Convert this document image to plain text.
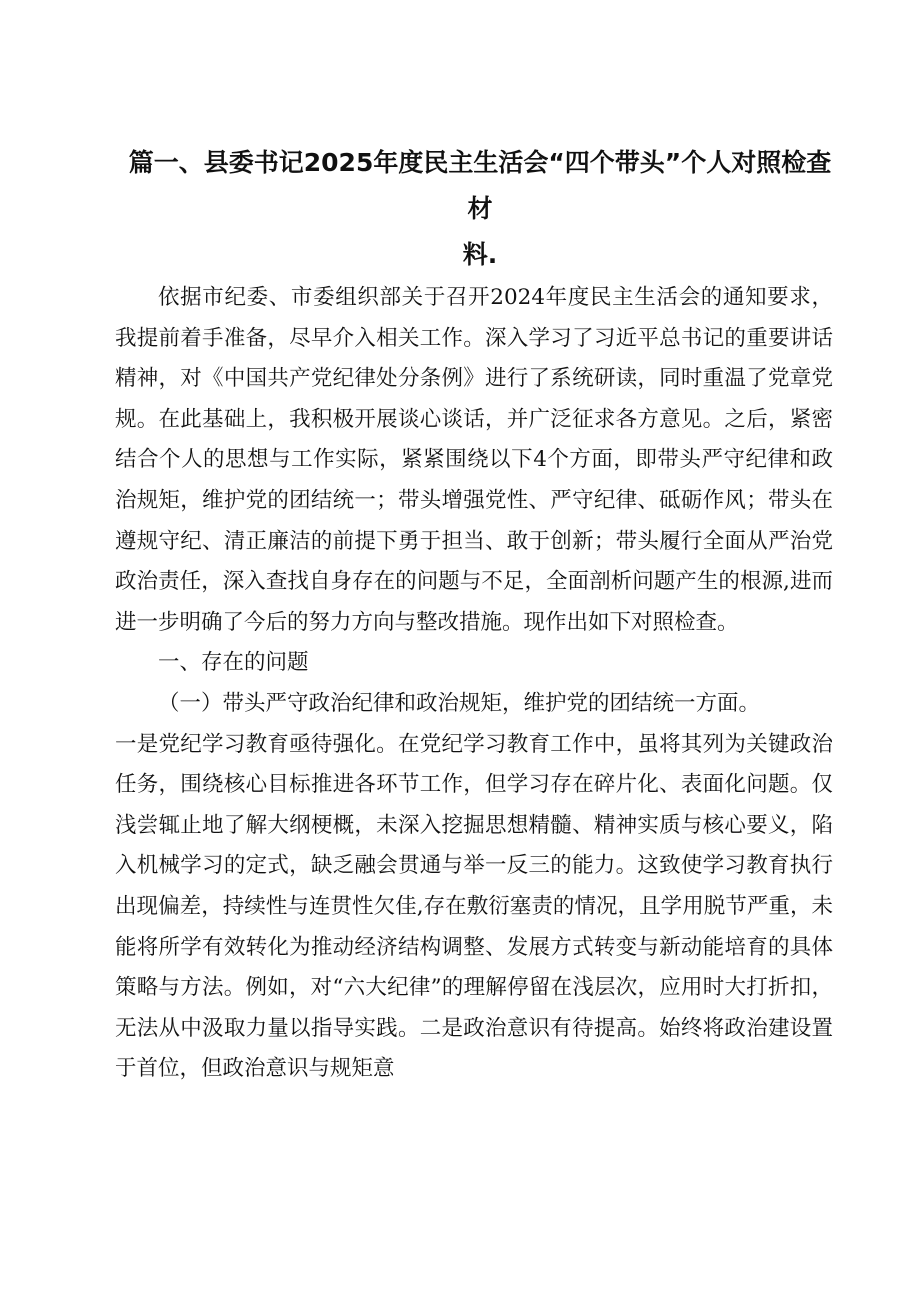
篇一、县委书记2025年度民主生活会“四个带头”个人对照检查材
料.

依据市纪委、市委组织部关于召开2024年度民主生活会的通知要求，我提前着手准备，尽早介入相关工作。深入学习了习近平总书记的重要讲话精神，对《中国共产党纪律处分条例》进行了系统研读，同时重温了党章党规。在此基础上，我积极开展谈心谈话，并广泛征求各方意见。之后，紧密结合个人的思想与工作实际，紧紧围绕以下4个方面，即带头严守纪律和政治规矩，维护党的团结统一；带头增强党性、严守纪律、砥砺作风；带头在遵规守纪、清正廉洁的前提下勇于担当、敢于创新；带头履行全面从严治党政治责任，深入查找自身存在的问题与不足，全面剖析问题产生的根源,进而进一步明确了今后的努力方向与整改措施。现作出如下对照检查。

一、存在的问题

（一）带头严守政治纪律和政治规矩，维护党的团结统一方面。

一是党纪学习教育亟待强化。在党纪学习教育工作中，虽将其列为关键政治任务，围绕核心目标推进各环节工作，但学习存在碎片化、表面化问题。仅浅尝辄止地了解大纲梗概，未深入挖掘思想精髓、精神实质与核心要义，陷入机械学习的定式，缺乏融会贯通与举一反三的能力。这致使学习教育执行出现偏差，持续性与连贯性欠佳,存在敷衍塞责的情况，且学用脱节严重，未能将所学有效转化为推动经济结构调整、发展方式转变与新动能培育的具体策略与方法。例如，对“六大纪律”的理解停留在浅层次，应用时大打折扣，无法从中汲取力量以指导实践。二是政治意识有待提高。始终将政治建设置于首位，但政治意识与规矩意
